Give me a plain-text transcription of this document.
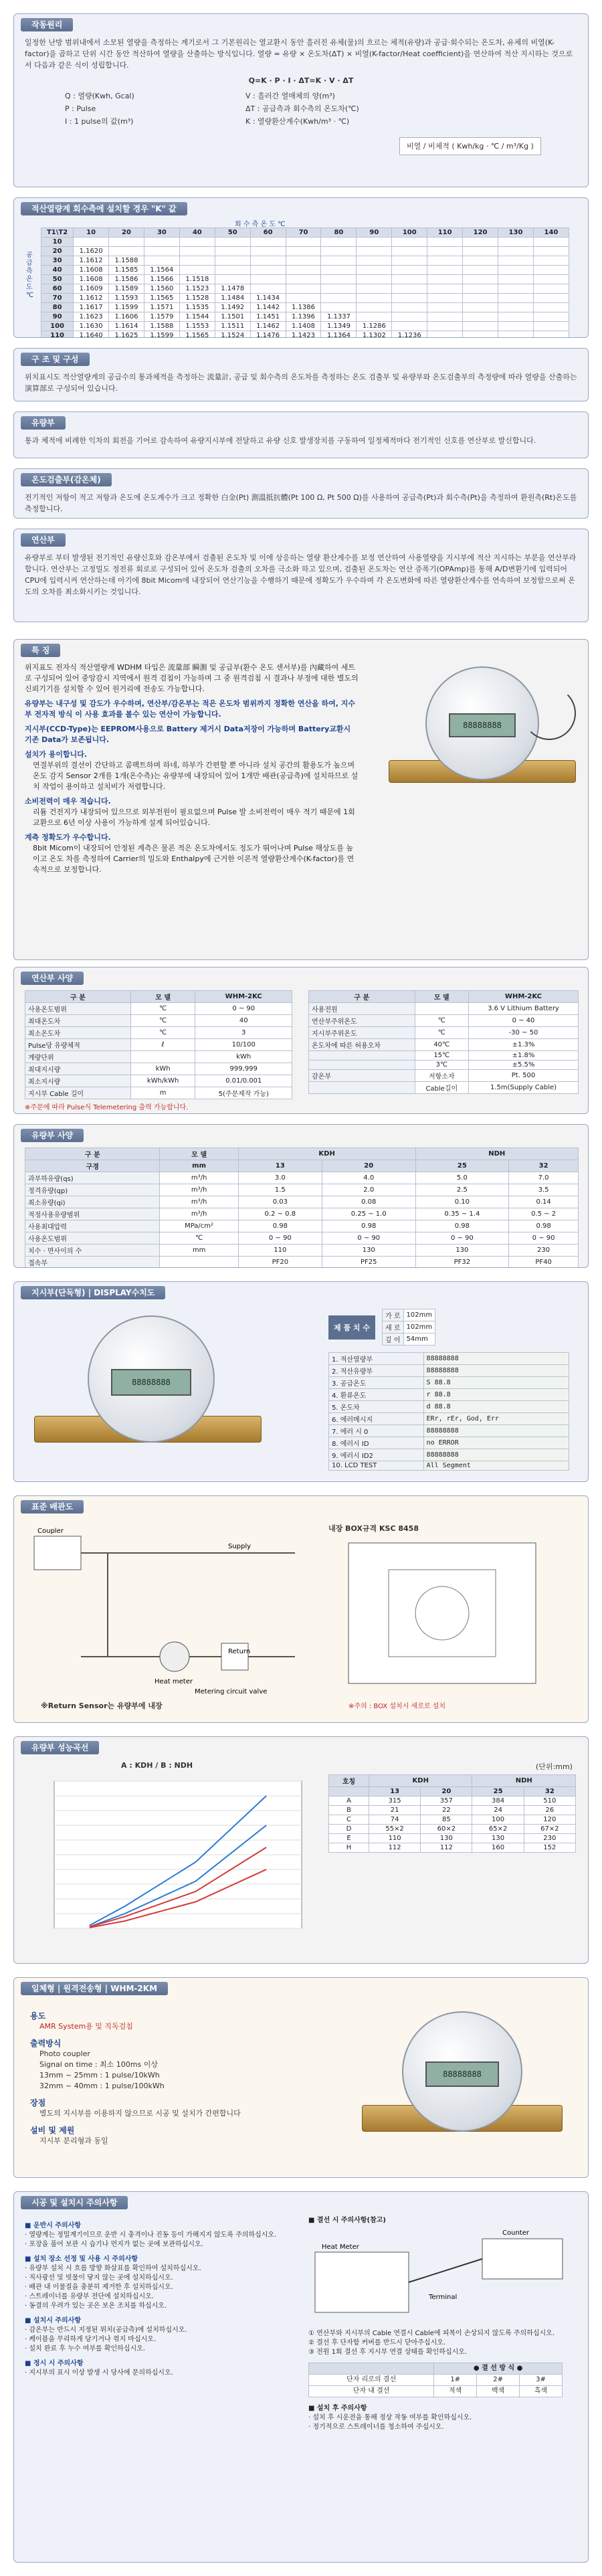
작동원리

일정한 난방 범위내에서 소모된 열량을 측정하는 계기로서 그 기본원리는 열교환시 동안 흘러진 유체(물)의 흐르는 체적(유량)과 공급·회수되는 온도차, 유체의 비열(K-factor)을 곱하고 단위 시간 동안 적산하여 열량을 산출하는 방식입니다. 열량 = 유량 × 온도차(ΔT) × 비열(K-factor/Heat coefficient)을 연산하여 적산 지시하는 것으로서 다음과 같은 식이 성립합니다.

Q=K · P · I · ΔT=K · V · ΔT
Q : 열량(Kwh, Gcal)	V : 흘러간 열매체의 양(m³)
P : Pulse	ΔT : 공급측과 회수측의 온도차(℃)
I : 1 pulse의 값(m³)	K : 열량환산계수(Kwh/m³ · ℃)
비열 / 비체적 ( Kwh/kg · ℃ / m³/Kg )
적산열량계 회수측에 설치할 경우 "K" 값
회 수 측 온 도 ℃
공급측 온도 ℃
T1\T2	10	20	30	40	50	60	70	80	90	100	110	120	130	140
10														
20	1.1620													
30	1.1612	1.1588												
40	1.1608	1.1585	1.1564											
50	1.1608	1.1586	1.1566	1.1518										
60	1.1609	1.1589	1.1560	1.1523	1.1478									
70	1.1612	1.1593	1.1565	1.1528	1.1484	1.1434								
80	1.1617	1.1599	1.1571	1.1535	1.1492	1.1442	1.1386							
90	1.1623	1.1606	1.1579	1.1544	1.1501	1.1451	1.1396	1.1337						
100	1.1630	1.1614	1.1588	1.1553	1.1511	1.1462	1.1408	1.1349	1.1286					
110	1.1640	1.1625	1.1599	1.1565	1.1524	1.1476	1.1423	1.1364	1.1302	1.1236				

구 조 및 구성
위치표시도 적산열량계의 공급수의 통과체적을 측정하는 流量計, 공급 및 회수측의 온도차를 측정하는 온도 검출부 및 유량부와 온도검출부의 측정량에 따라 열량을 산출하는 演算部로 구성되어 있습니다.
유량부
통과 체적에 비례한 익차의 회전을 기어로 감속하여 유량지시부에 전달하고 유량 신호 발생장치를 구동하여 일정체적마다 전기적인 신호를 연산부로 발신합니다.
온도검출부(감온체)
전기적인 저항이 적고 저항과 온도에 온도계수가 크고 정확한 白金(Pt) 測溫抵抗體(Pt 100 Ω, Pt 500 Ω)를 사용하여 공급측(Pt)과 회수측(Pt)을 측정하여 환원측(Rt)온도를 측정합니다.
연산부
유량부로 부터 발생된 전기적인 유량신호와 감온부에서 검출된 온도차 및 이에 상응하는 열량 환산계수를 보정 연산하여 사용열량을 지시부에 적산 지시하는 부분을 연산부라 합니다. 연산부는 고정밀도 정전류 회로로 구성되어 있어 온도차 검출의 오차를 극소화 하고 있으며, 검출된 온도차는 연산 증폭기(OPAmp)를 통해 A/D변환기에 입력되어 CPU에 입력시켜 연산하는데 아기에 8bit Micom에 내장되어 연산기능을 수행하기 때문에 정확도가 우수하며 각 온도변화에 따른 열량환산계수를 연속하여 보정함으로써 온도의 오차를 최소화시키는 것입니다.
특 징

위지표도 전자식 적산열량계 WDHM 타입은 流量部 瞬測 및 공급부(환수 온도 센서부)를 內藏하여 세트로 구성되어 있어 중앙감시 지역에서 원격 검침이 가능하며 그 중 원격검침 시 결과나 부정에 대한 별도의 신뢰기기를 설치할 수 있어 원거리에 전송도 가능합니다.

유량부는 내구성 및 감도가 우수하며, 연산부/감온부는 적은 온도차 범위까지 정확한 연산을 하여, 지수부 전자적 방식 이 사용 효과를 볼수 있는 연산이 가능합니다.
지시부(CCD-Type)는 EEPROM사용으로 Battery 제거시 Data저장이 가능하며 Battery교환시 기존 Data가 보존됩니다.
설치가 용이합니다.
연결부위의 결선이 간단하고 콤팩트하며 하네, 하부가 간편할 뿐 아니라 설치 공간의 활용도가 높으며 온도 감지 Sensor 2개를 1개(온수측)는 유량부에 내장되어 있어 1개만 배관(공급측)에 설치하므로 설치 작업이 용이하고 설치비가 저렴합니다.
소비전력이 매우 적습니다.
리튬 건전지가 내장되어 있으므로 외부전원이 필요없으며 Pulse 발 소비전력이 매우 적기 때문에 1회 교환으로 6년 이상 사용이 가능하게 설계 되어있습니다.
계측 정확도가 우수합니다.
8bit Micom이 내장되어 안정된 계측은 물론 적은 온도차에서도 정도가 뛰어나며 Pulse 해상도를 높이고 온도 차를 측정하여 Carrier의 밀도와 Enthalpy에 근거한 이론적 열량환산계수(K-factor)를 연속적으로 보정합니다.
88888888
연산부 사양
구 분	모 델	WHM-2KC
사용온도범위	℃	0 ~ 90
최대온도차	℃	40
최소온도차	℃	3
Pulse당 유량체적	ℓ	10/100
계량단위		kWh
최대지시량	kWh	999,999
최소지시량	kWh/kWh	0.01/0.001
지시부 Cable 길이	m	5(주문제작 가능)
※주문에 따라 Pulse식 Telemetering 출력 가능합니다.
구 분	모 델	WHM-2KC
사용전원		3.6 V Lithium Battery
연산부주위온도	℃	0 ~ 40
지시부주위온도	℃	-30 ~ 50
온도차에 따른 허용오차	40℃	±1.3%
	15℃	±1.8%
	3℃	±5.5%
감온부	저항소자	Pt. 500
	Cable길이	1.5m(Supply Cable)
유량부 사양
구 분	모 델	KDH		NDH	
구경	mm	13	20	25	32
과부하유량(qs)	m³/h	3.0	4.0	5.0	7.0
정격유량(qp)	m³/h	1.5	2.0	2.5	3.5
최소유량(qi)	m³/h	0.03	0.08	0.10	0.14
적정사용유량범위	m³/h	0.2 ~ 0.8	0.25 ~ 1.0	0.35 ~ 1.4	0.5 ~ 2
사용최대압력	MPa/cm²	0.98	0.98	0.98	0.98
사용온도범위	℃	0 ~ 90	0 ~ 90	0 ~ 90	0 ~ 90
치수 · 면사이의 수	mm	110	130	130	230
접속부		PF20	PF25	PF32	PF40
지시부(단독형) | DISPLAY수치도
88888888
제 품 치 수
가 로	102mm
세 로	102mm
깊 이	54mm
1. 적산열량부	88888888
2. 적산유량부	88888888
3. 공급온도	S 88.8
4. 환류온도	r 88.8
5. 온도차	d 88.8
6. 에러메시지	ERr, rEr, God, Err
7. 에러 시 0	88888888
8. 에러시 ID	no ERROR
9. 에러시 ID2	88888888
10. LCD TEST	All Segment
표준 배관도
Coupler
Supply
Heat meter
Return
Metering circuit valve
※Return Sensor는 유량부에 내장
내장 BOX규격 KSC 8458
※주의 : BOX 설치시 세로로 설치
유량부 성능곡선
A : KDH / B : NDH	(단위:mm)
호칭	KDH		NDH	
	13	20	25	32
A	315	357	384	510
B	21	22	24	26
C	74	85	100	120
D	55×2	60×2	65×2	67×2
E	110	130	130	230
H	112	112	160	152
일체형 | 원격전송형 | WHM-2KM
용도
AMR System용 및 직독검침
출력방식
Photo coupler
Signal on time : 최소 100ms 이상
13mm ~ 25mm : 1 pulse/10kWh
32mm ~ 40mm : 1 pulse/100kWh
장점
별도의 지시부를 이용하지 않으므로 시공 및 설치가 간편합니다
설비 및 제원
지시부 분리형과 동일
88888888
시공 및 설치시 주의사항
■ 운반시 주의사항
· 열량계는 정밀계기이므로 운반 시 충격이나 진동 등이 가해지지 않도록 주의하십시오.
· 포장을 풀어 보관 시 습기나 먼지가 없는 곳에 보관하십시오.
■ 설치 장소 선정 및 사용 시 주의사항
· 유량부 설치 시 흐름 방향 화살표를 확인하여 설치하십시오.
· 직사광선 및 빗물이 닿지 않는 곳에 설치하십시오.
· 배관 내 이물질을 충분히 제거한 후 설치하십시오.
· 스트레이너를 유량부 전단에 설치하십시오.
· 동결의 우려가 있는 곳은 보온 조치를 하십시오.
■ 설치시 주의사항
· 감온부는 반드시 지정된 위치(공급측)에 설치하십시오.
· 케이블을 무리하게 당기거나 꺾지 마십시오.
· 설치 완료 후 누수 여부를 확인하십시오.
■ 정시 시 주의사항
· 지시부의 표시 이상 발생 시 당사에 문의하십시오.
■ 결선 시 주의사항(참고)
Counter
Heat Meter
Terminal
① 연산부와 지시부의 Cable 연결시 Cable에 피복이 손상되지 않도록 주의하십시오.
② 결선 후 단자함 커버를 반드시 닫아주십시오.
③ 전원 1회 결선 후 지시부 연결 상태를 확인하십시오.
	● 결 선 방 식 ●		
단자 리로의 결선	1#	2#	3#
단자 내 결선	적색	백색	흑색
■ 설치 후 주의사항
· 설치 후 시운전을 통해 정상 작동 여부를 확인하십시오.
· 정기적으로 스트레이너를 청소하여 주십시오.
